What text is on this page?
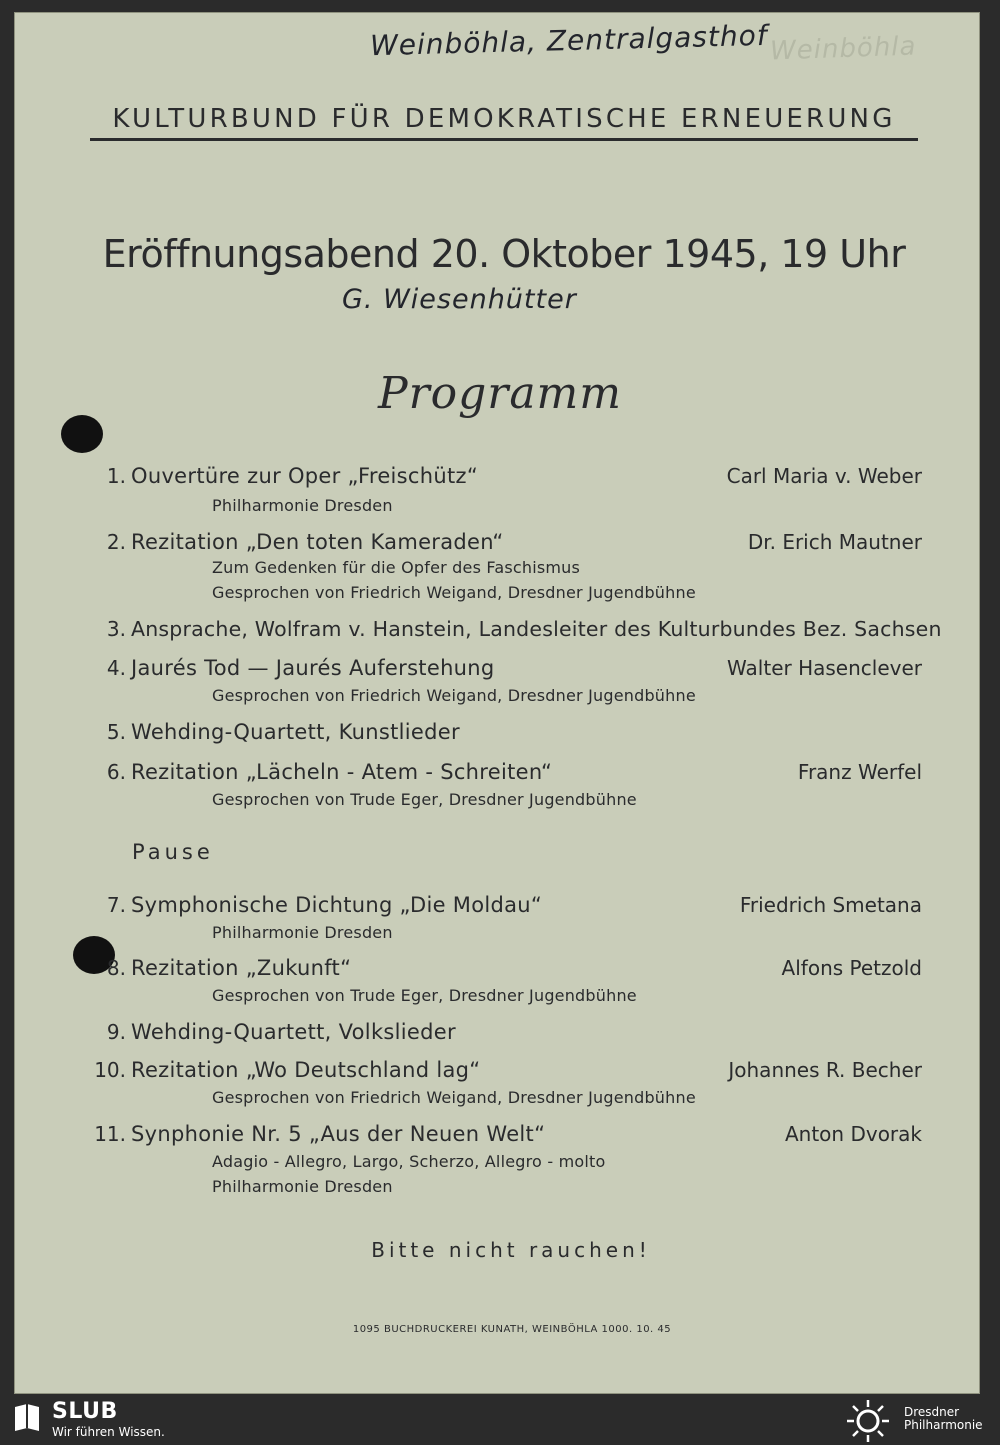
Weinböhla, Zentralgasthof Weinböhla
KULTURBUND FÜR DEMOKRATISCHE ERNEUERUNG
Eröffnungsabend 20. Oktober 1945, 19 Uhr
G. Wiesenhütter
Programm
1. Ouvertüre zur Oper „Freischütz“	Carl Maria v. Weber
Philharmonie Dresden
2. Rezitation „Den toten Kameraden“	Dr. Erich Mautner
Zum Gedenken für die Opfer des Faschismus
Gesprochen von Friedrich Weigand, Dresdner Jugendbühne
3. Ansprache, Wolfram v. Hanstein, Landesleiter des Kulturbundes Bez. Sachsen
4. Jaurés Tod — Jaurés Auferstehung	Walter Hasenclever
Gesprochen von Friedrich Weigand, Dresdner Jugendbühne
5. Wehding-Quartett, Kunstlieder
6. Rezitation „Lächeln - Atem - Schreiten“	Franz Werfel
Gesprochen von Trude Eger, Dresdner Jugendbühne
Pause
7. Symphonische Dichtung „Die Moldau“	Friedrich Smetana
Philharmonie Dresden
8. Rezitation „Zukunft“	Alfons Petzold
Gesprochen von Trude Eger, Dresdner Jugendbühne
9. Wehding-Quartett, Volkslieder
10. Rezitation „Wo Deutschland lag“	Johannes R. Becher
Gesprochen von Friedrich Weigand, Dresdner Jugendbühne
11. Synphonie Nr. 5 „Aus der Neuen Welt“	Anton Dvorak
Adagio - Allegro, Largo, Scherzo, Allegro - molto
Philharmonie Dresden
Bitte nicht rauchen!
1095 BUCHDRUCKEREI KUNATH, WEINBÖHLA 1000. 10. 45
SLUB
Wir führen Wissen.
Dresdner
Philharmonie
